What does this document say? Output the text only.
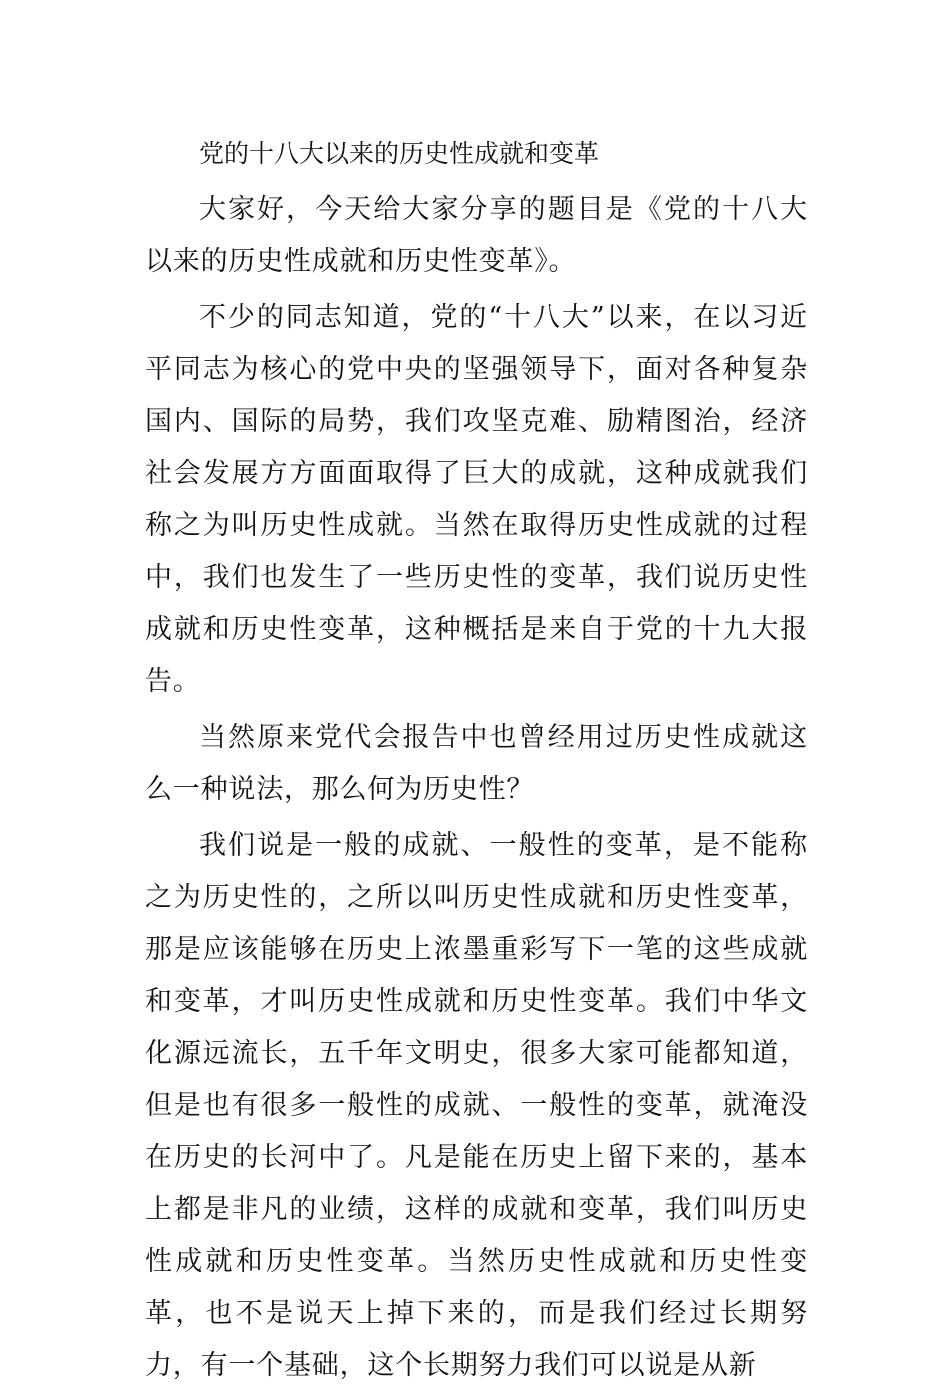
党的十八大以来的历史性成就和变革

大家好，今天给大家分享的题目是《党的十八大以来的历史性成就和历史性变革》。

不少的同志知道，党的“十八大”以来，在以习近平同志为核心的党中央的坚强领导下，面对各种复杂国内、国际的局势，我们攻坚克难、励精图治，经济社会发展方方面面取得了巨大的成就，这种成就我们称之为叫历史性成就。当然在取得历史性成就的过程中，我们也发生了一些历史性的变革，我们说历史性成就和历史性变革，这种概括是来自于党的十九大报告。

当然原来党代会报告中也曾经用过历史性成就这么一种说法，那么何为历史性？

我们说是一般的成就、一般性的变革，是不能称之为历史性的，之所以叫历史性成就和历史性变革，那是应该能够在历史上浓墨重彩写下一笔的这些成就和变革，才叫历史性成就和历史性变革。我们中华文化源远流长，五千年文明史，很多大家可能都知道，但是也有很多一般性的成就、一般性的变革，就淹没在历史的长河中了。凡是能在历史上留下来的，基本上都是非凡的业绩，这样的成就和变革，我们叫历史性成就和历史性变革。当然历史性成就和历史性变革，也不是说天上掉下来的，而是我们经过长期努力，有一个基础，这个长期努力我们可以说是从新
